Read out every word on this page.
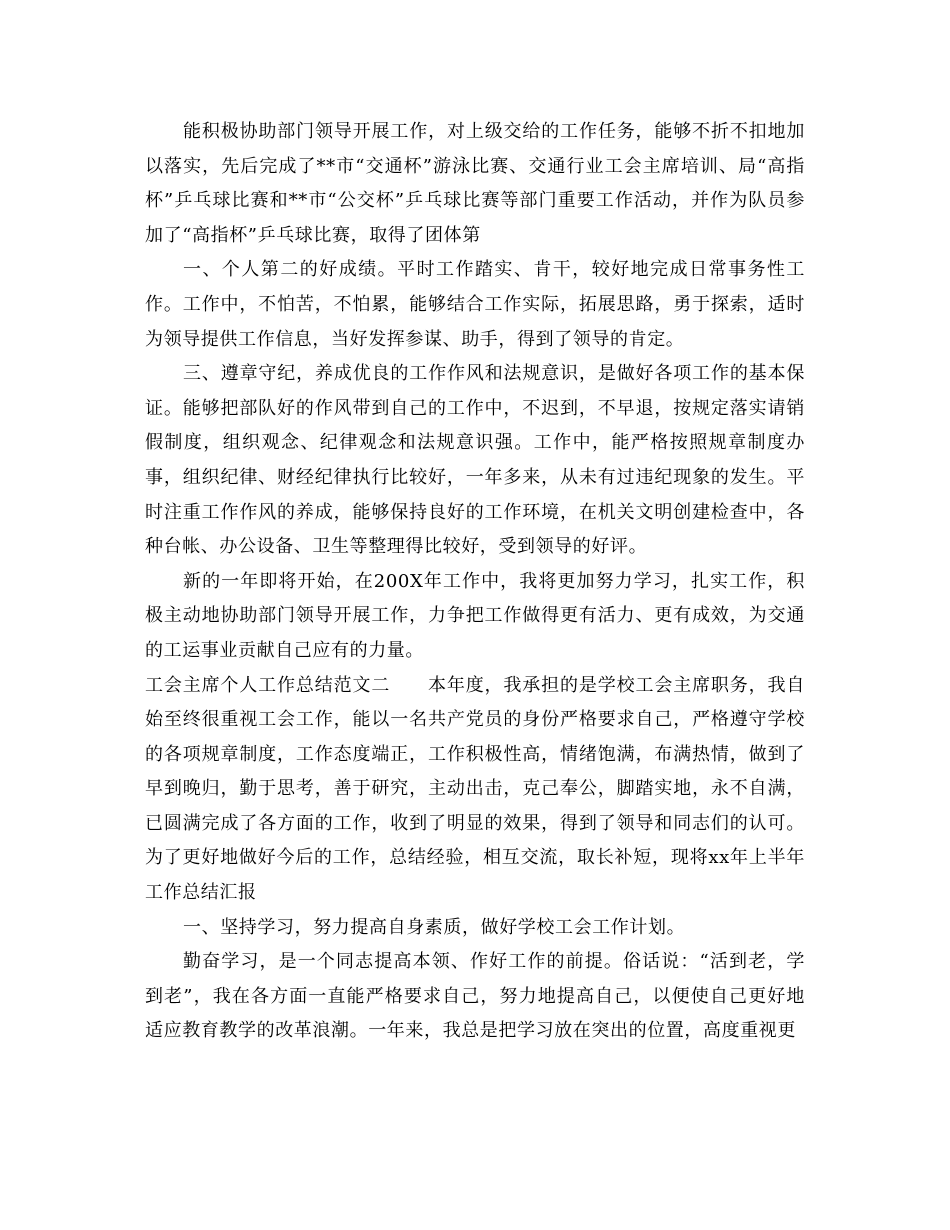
能积极协助部门领导开展工作，对上级交给的工作任务，能够不折不扣地加以落实，先后完成了**市“交通杯”游泳比赛、交通行业工会主席培训、局“高指杯”乒乓球比赛和**市“公交杯”乒乓球比赛等部门重要工作活动，并作为队员参加了“高指杯”乒乓球比赛，取得了团体第

一、个人第二的好成绩。平时工作踏实、肯干，较好地完成日常事务性工作。工作中，不怕苦，不怕累，能够结合工作实际，拓展思路，勇于探索，适时为领导提供工作信息，当好发挥参谋、助手，得到了领导的肯定。

三、遵章守纪，养成优良的工作作风和法规意识，是做好各项工作的基本保证。能够把部队好的作风带到自己的工作中，不迟到，不早退，按规定落实请销假制度，组织观念、纪律观念和法规意识强。工作中，能严格按照规章制度办事，组织纪律、财经纪律执行比较好，一年多来，从未有过违纪现象的发生。平时注重工作作风的养成，能够保持良好的工作环境，在机关文明创建检查中，各种台帐、办公设备、卫生等整理得比较好，受到领导的好评。

新的一年即将开始，在200X年工作中，我将更加努力学习，扎实工作，积极主动地协助部门领导开展工作，力争把工作做得更有活力、更有成效，为交通的工运事业贡献自己应有的力量。

工会主席个人工作总结范文二　　 本年度，我承担的是学校工会主席职务，我自始至终很重视工会工作，能以一名共产党员的身份严格要求自己，严格遵守学校的各项规章制度，工作态度端正，工作积极性高，情绪饱满，布满热情，做到了早到晚归，勤于思考，善于研究，主动出击，克己奉公，脚踏实地，永不自满，已圆满完成了各方面的工作，收到了明显的效果，得到了领导和同志们的认可。为了更好地做好今后的工作，总结经验，相互交流，取长补短，现将xx年上半年工作总结汇报

一、坚持学习，努力提高自身素质，做好学校工会工作计划。

勤奋学习，是一个同志提高本领、作好工作的前提。俗话说：“活到老，学到老”，我在各方面一直能严格要求自己，努力地提高自己，以便使自己更好地适应教育教学的改革浪潮。一年来，我总是把学习放在突出的位置，高度重视更
